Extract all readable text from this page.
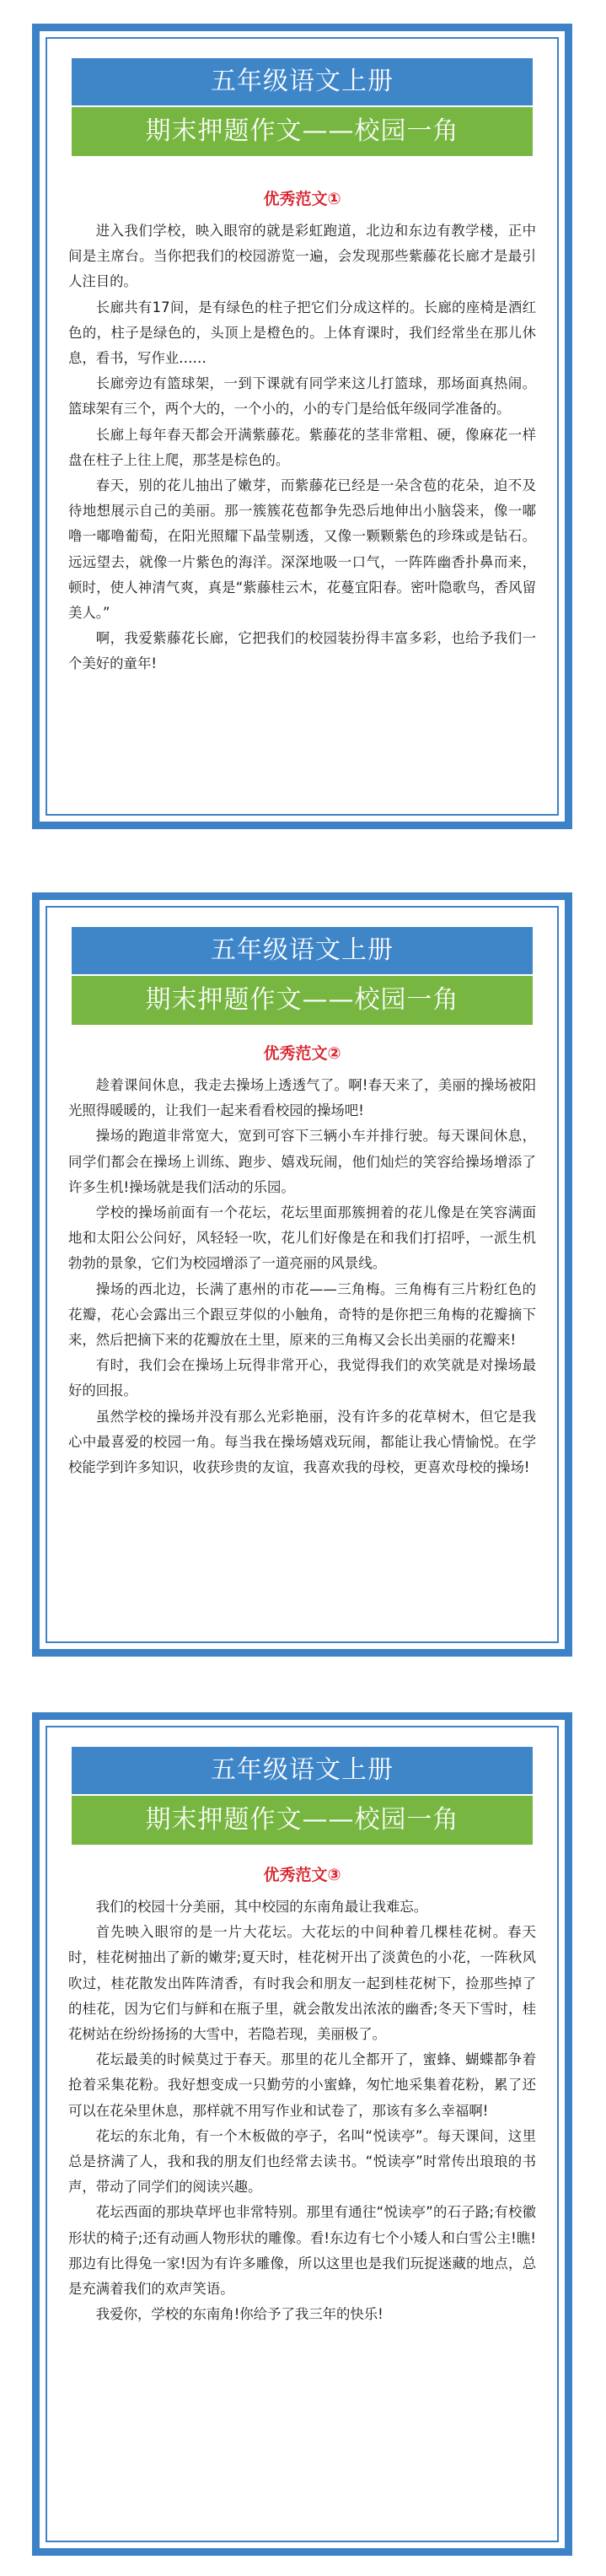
五年级语文上册
期末押题作文——校园一角
优秀范文①

进入我们学校，映入眼帘的就是彩虹跑道，北边和东边有教学楼，正中间是主席台。当你把我们的校园游览一遍，会发现那些紫藤花长廊才是最引人注目的。

长廊共有17间，是有绿色的柱子把它们分成这样的。长廊的座椅是酒红色的，柱子是绿色的，头顶上是橙色的。上体育课时，我们经常坐在那儿休息，看书，写作业……

长廊旁边有篮球架，一到下课就有同学来这儿打篮球，那场面真热闹。篮球架有三个，两个大的，一个小的，小的专门是给低年级同学准备的。

长廊上每年春天都会开满紫藤花。紫藤花的茎非常粗、硬，像麻花一样盘在柱子上往上爬，那茎是棕色的。

春天，别的花儿抽出了嫩芽，而紫藤花已经是一朵含苞的花朵，迫不及待地想展示自己的美丽。那一簇簇花苞都争先恐后地伸出小脑袋来，像一嘟噜一嘟噜葡萄，在阳光照耀下晶莹剔透，又像一颗颗紫色的珍珠或是钻石。远远望去，就像一片紫色的海洋。深深地吸一口气，一阵阵幽香扑鼻而来，顿时，使人神清气爽，真是“紫藤桂云木，花蔓宜阳春。密叶隐歌鸟，香风留美人。”

啊，我爱紫藤花长廊，它把我们的校园装扮得丰富多彩，也给予我们一个美好的童年!

五年级语文上册
期末押题作文——校园一角
优秀范文②

趁着课间休息，我走去操场上透透气了。啊!春天来了，美丽的操场被阳光照得暖暖的，让我们一起来看看校园的操场吧!

操场的跑道非常宽大，宽到可容下三辆小车并排行驶。每天课间休息，同学们都会在操场上训练、跑步、嬉戏玩闹，他们灿烂的笑容给操场增添了许多生机!操场就是我们活动的乐园。

学校的操场前面有一个花坛，花坛里面那簇拥着的花儿像是在笑容满面地和太阳公公问好，风轻轻一吹，花儿们好像是在和我们打招呼，一派生机勃勃的景象，它们为校园增添了一道亮丽的风景线。

操场的西北边，长满了惠州的市花——三角梅。三角梅有三片粉红色的花瓣，花心会露出三个跟豆芽似的小触角，奇特的是你把三角梅的花瓣摘下来，然后把摘下来的花瓣放在土里，原来的三角梅又会长出美丽的花瓣来!

有时，我们会在操场上玩得非常开心，我觉得我们的欢笑就是对操场最好的回报。

虽然学校的操场并没有那么光彩艳丽，没有许多的花草树木，但它是我心中最喜爱的校园一角。每当我在操场嬉戏玩闹，都能让我心情愉悦。在学校能学到许多知识，收获珍贵的友谊，我喜欢我的母校，更喜欢母校的操场!

五年级语文上册
期末押题作文——校园一角
优秀范文③

我们的校园十分美丽，其中校园的东南角最让我难忘。

首先映入眼帘的是一片大花坛。大花坛的中间种着几棵桂花树。春天时，桂花树抽出了新的嫩芽;夏天时，桂花树开出了淡黄色的小花，一阵秋风吹过，桂花散发出阵阵清香，有时我会和朋友一起到桂花树下，捡那些掉了的桂花，因为它们与鲜和在瓶子里，就会散发出浓浓的幽香;冬天下雪时，桂花树站在纷纷扬扬的大雪中，若隐若现，美丽极了。

花坛最美的时候莫过于春天。那里的花儿全都开了，蜜蜂、蝴蝶都争着抢着采集花粉。我好想变成一只勤劳的小蜜蜂，匆忙地采集着花粉，累了还可以在花朵里休息，那样就不用写作业和试卷了，那该有多么幸福啊!

花坛的东北角，有一个木板做的亭子，名叫“悦读亭”。每天课间，这里总是挤满了人，我和我的朋友们也经常去读书。“悦读亭”时常传出琅琅的书声，带动了同学们的阅读兴趣。

花坛西面的那块草坪也非常特别。那里有通往“悦读亭”的石子路;有校徽形状的椅子;还有动画人物形状的雕像。看!东边有七个小矮人和白雪公主!瞧!那边有比得兔一家!因为有许多雕像，所以这里也是我们玩捉迷藏的地点，总是充满着我们的欢声笑语。

我爱你，学校的东南角!你给予了我三年的快乐!
